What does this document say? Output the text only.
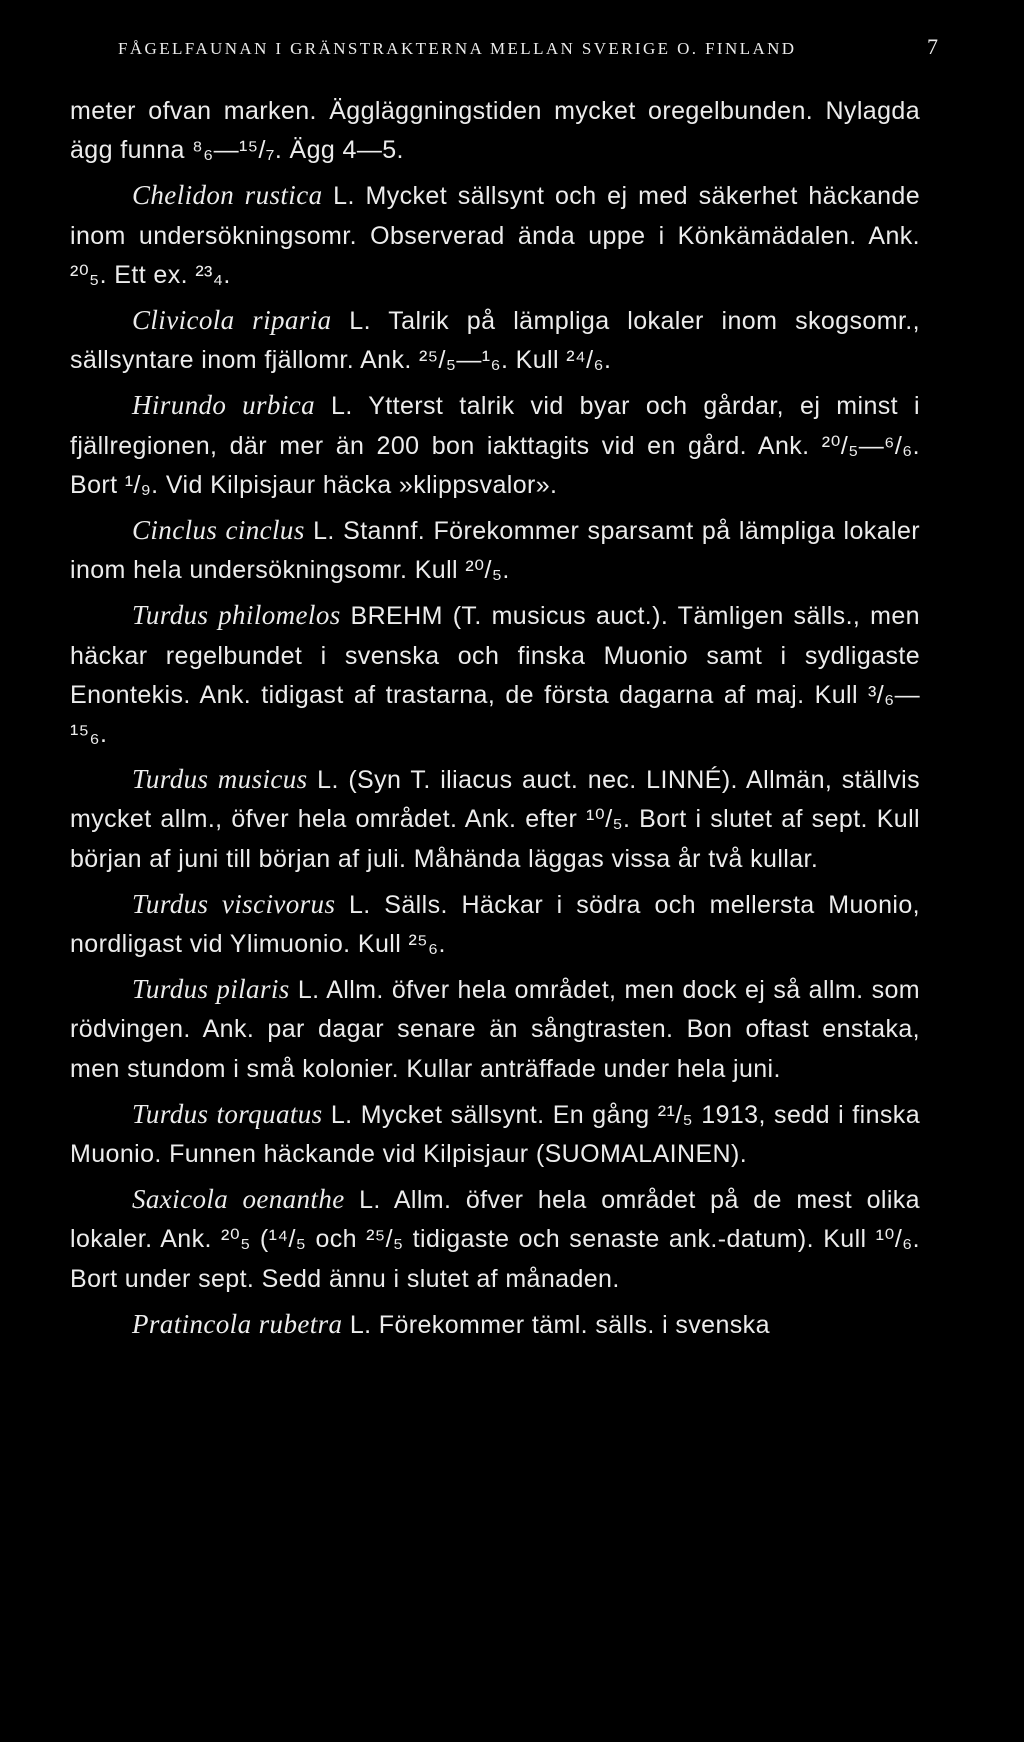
FÅGELFAUNAN I GRÄNSTRAKTERNA MELLAN SVERIGE O. FINLAND	7

meter ofvan marken. Äggläggningstiden mycket oregelbunden. Nylagda ägg funna ⁸₆—¹⁵/₇. Ägg 4—5.

Chelidon rustica L. Mycket sällsynt och ej med säkerhet häckande inom undersökningsomr. Observerad ända uppe i Könkämädalen. Ank. ²⁰₅. Ett ex. ²³₄.

Clivicola riparia L. Talrik på lämpliga lokaler inom skogsomr., sällsyntare inom fjällomr. Ank. ²⁵/₅—¹₆. Kull ²⁴/₆.

Hirundo urbica L. Ytterst talrik vid byar och gårdar, ej minst i fjällregionen, där mer än 200 bon iakttagits vid en gård. Ank. ²⁰/₅—⁶/₆. Bort ¹/₉. Vid Kilpisjaur häcka »klippsvalor».

Cinclus cinclus L. Stannf. Förekommer sparsamt på lämpliga lokaler inom hela undersökningsomr. Kull ²⁰/₅.

Turdus philomelos BREHM (T. musicus auct.). Tämligen sälls., men häckar regelbundet i svenska och finska Muonio samt i sydligaste Enontekis. Ank. tidigast af trastarna, de första dagarna af maj. Kull ³/₆—¹⁵₆.

Turdus musicus L. (Syn T. iliacus auct. nec. LINNÉ). Allmän, ställvis mycket allm., öfver hela området. Ank. efter ¹⁰/₅. Bort i slutet af sept. Kull början af juni till början af juli. Måhända läggas vissa år två kullar.

Turdus viscivorus L. Sälls. Häckar i södra och mellersta Muonio, nordligast vid Ylimuonio. Kull ²⁵₆.

Turdus pilaris L. Allm. öfver hela området, men dock ej så allm. som rödvingen. Ank. par dagar senare än sångtrasten. Bon oftast enstaka, men stundom i små kolonier. Kullar anträffade under hela juni.

Turdus torquatus L. Mycket sällsynt. En gång ²¹/₅ 1913, sedd i finska Muonio. Funnen häckande vid Kilpisjaur (SUOMALAINEN).

Saxicola oenanthe L. Allm. öfver hela området på de mest olika lokaler. Ank. ²⁰₅ (¹⁴/₅ och ²⁵/₅ tidigaste och senaste ank.-datum). Kull ¹⁰/₆. Bort under sept. Sedd ännu i slutet af månaden.

Pratincola rubetra L. Förekommer täml. sälls. i svenska
